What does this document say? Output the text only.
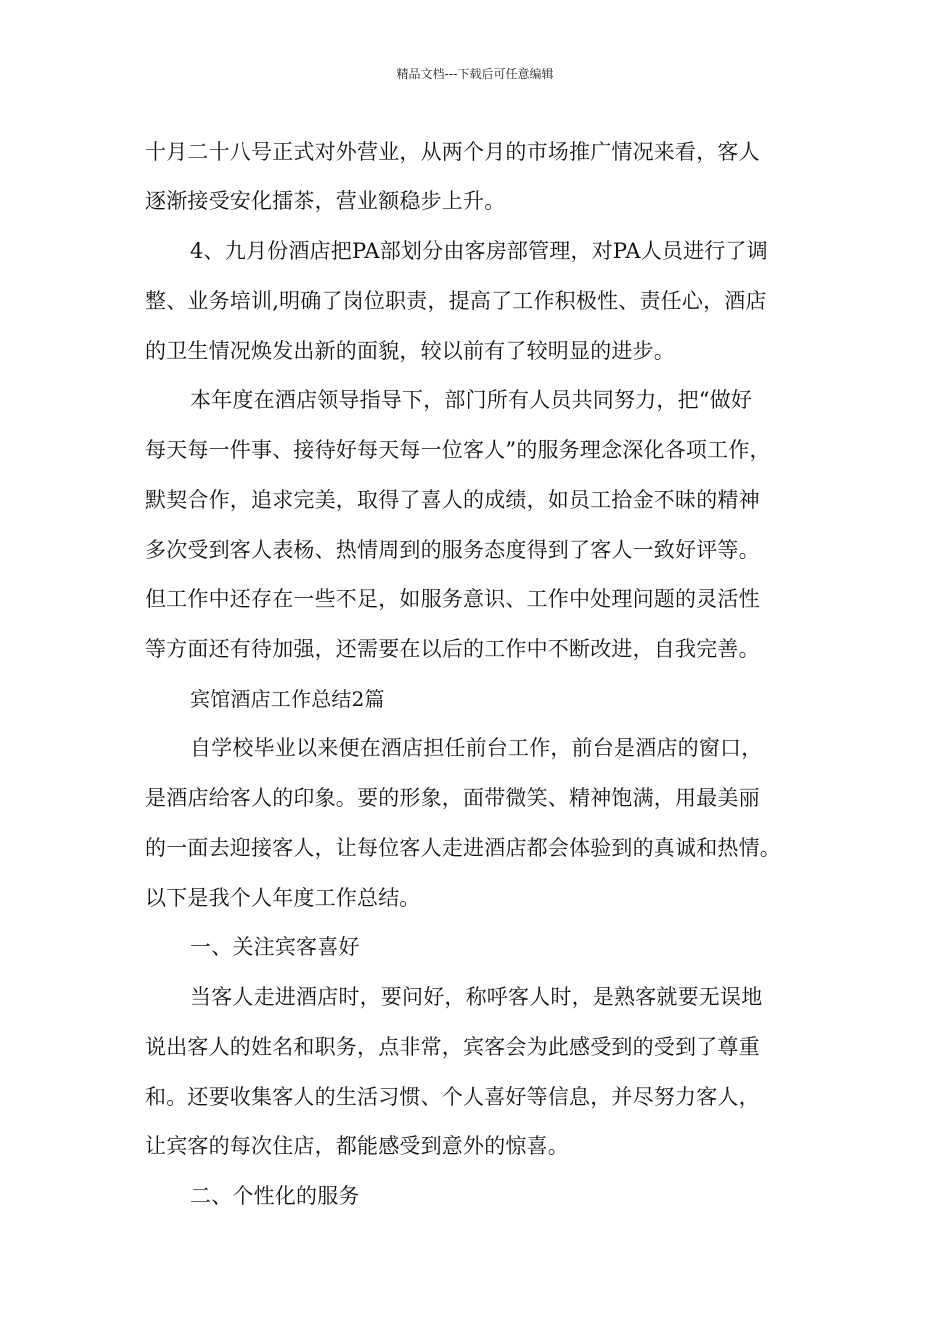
精品文档---下载后可任意编辑
十月二十八号正式对外营业，从两个月的市场推广情况来看，客人
逐渐接受安化擂茶，营业额稳步上升。
4、九月份酒店把PA部划分由客房部管理，对PA人员进行了调
整、业务培训,明确了岗位职责，提高了工作积极性、责任心，酒店
的卫生情况焕发出新的面貌，较以前有了较明显的进步。
本年度在酒店领导指导下，部门所有人员共同努力，把“做好
每天每一件事、接待好每天每一位客人”的服务理念深化各项工作，
默契合作，追求完美，取得了喜人的成绩，如员工拾金不昧的精神
多次受到客人表杨、热情周到的服务态度得到了客人一致好评等。
但工作中还存在一些不足，如服务意识、工作中处理问题的灵活性
等方面还有待加强，还需要在以后的工作中不断改进，自我完善。
宾馆酒店工作总结2篇
自学校毕业以来便在酒店担任前台工作，前台是酒店的窗口，
是酒店给客人的印象。要的形象，面带微笑、精神饱满，用最美丽
的一面去迎接客人，让每位客人走进酒店都会体验到的真诚和热情。
以下是我个人年度工作总结。
一、关注宾客喜好
当客人走进酒店时，要问好，称呼客人时，是熟客就要无误地
说出客人的姓名和职务，点非常，宾客会为此感受到的受到了尊重
和。还要收集客人的生活习惯、个人喜好等信息，并尽努力客人，
让宾客的每次住店，都能感受到意外的惊喜。
二、个性化的服务
